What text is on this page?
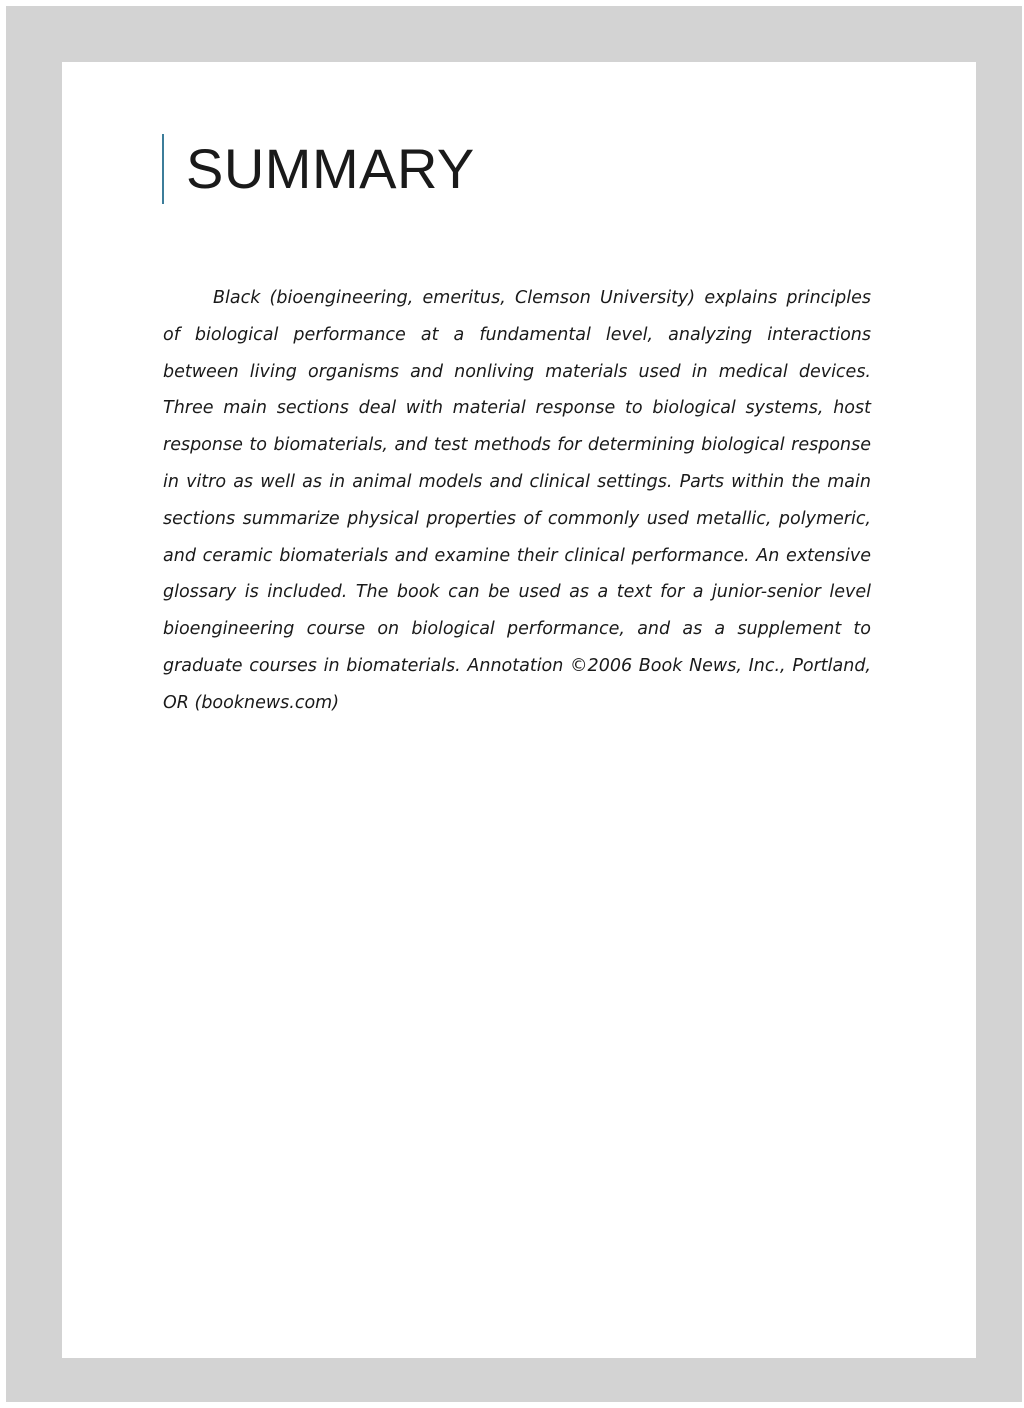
SUMMARY

Black (bioengineering, emeritus, Clemson University) explains principles of biological performance at a fundamental level, analyzing interactions between living organisms and nonliving materials used in medical devices. Three main sections deal with material response to biological systems, host response to biomaterials, and test methods for determining biological response in vitro as well as in animal models and clinical settings. Parts within the main sections summarize physical properties of commonly used metallic, polymeric, and ceramic biomaterials and examine their clinical performance. An extensive glossary is included. The book can be used as a text for a junior-senior level bioengineering course on biological performance, and as a supplement to graduate courses in biomaterials. Annotation ©2006 Book News, Inc., Portland, OR (booknews.com)
